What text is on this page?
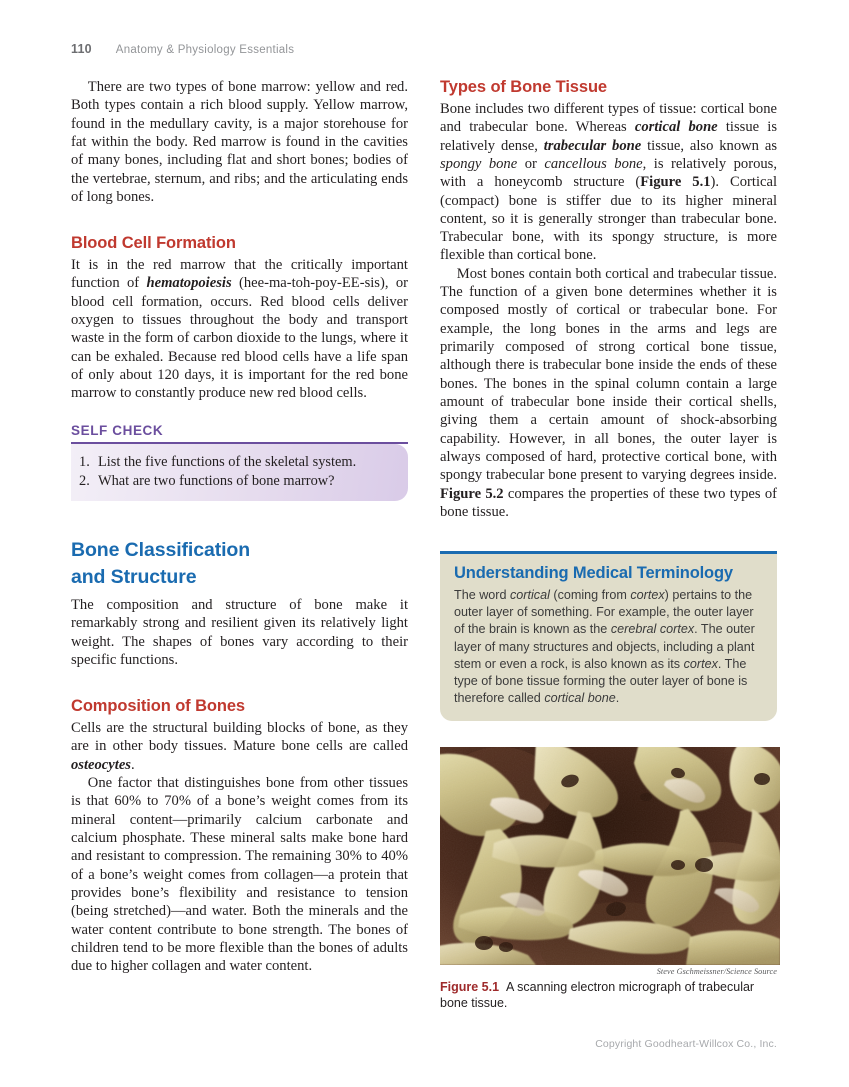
110 Anatomy & Physiology Essentials

There are two types of bone marrow: yellow and red. Both types contain a rich blood supply. Yellow marrow, found in the medullary cavity, is a major storehouse for fat within the body. Red marrow is found in the cavities of many bones, including flat and short bones; bodies of the vertebrae, sternum, and ribs; and the articulating ends of long bones.

Blood Cell Formation

It is in the red marrow that the critically important function of hematopoiesis (hee-ma-toh-poy-EE-sis), or blood cell formation, occurs. Red blood cells deliver oxygen to tissues throughout the body and transport waste in the form of carbon dioxide to the lungs, where it can be exhaled. Because red blood cells have a life span of only about 120 days, it is important for the red bone marrow to constantly produce new red blood cells.

SELF CHECK
1. List the five functions of the skeletal system.
2. What are two functions of bone marrow?
Bone Classification
and Structure

The composition and structure of bone make it remarkably strong and resilient given its relatively light weight. The shapes of bones vary according to their specific functions.

Composition of Bones

Cells are the structural building blocks of bone, as they are in other body tissues. Mature bone cells are called osteocytes.

One factor that distinguishes bone from other tissues is that 60% to 70% of a bone’s weight comes from its mineral content—primarily calcium carbonate and calcium phosphate. These mineral salts make bone hard and resistant to compression. The remaining 30% to 40% of a bone’s weight comes from collagen—a protein that provides bone’s flexibility and resistance to tension (being stretched)—and water. Both the minerals and the water content contribute to bone strength. The bones of children tend to be more flexible than the bones of adults due to higher collagen and water content.

Types of Bone Tissue

Bone includes two different types of tissue: cortical bone and trabecular bone. Whereas cortical bone tissue is relatively dense, trabecular bone tissue, also known as spongy bone or cancellous bone, is relatively porous, with a honeycomb structure (Figure 5.1). Cortical (compact) bone is stiffer due to its higher mineral content, so it is generally stronger than trabecular bone. Trabecular bone, with its spongy structure, is more flexible than cortical bone.

Most bones contain both cortical and trabecular tissue. The function of a given bone determines whether it is composed mostly of cortical or trabecular bone. For example, the long bones in the arms and legs are primarily composed of strong cortical bone tissue, although there is trabecular bone inside the ends of these bones. The bones in the spinal column contain a large amount of trabecular bone inside their cortical shells, giving them a certain amount of shock-absorbing capability. However, in all bones, the outer layer is always composed of hard, protective cortical bone, with spongy trabecular bone present to varying degrees inside. Figure 5.2 compares the properties of these two types of bone tissue.

Understanding Medical Terminology
The word cortical (coming from cortex) pertains to the outer layer of something. For example, the outer layer of the brain is known as the cerebral cortex. The outer layer of many structures and objects, including a plant stem or even a rock, is also known as its cortex. The type of bone tissue forming the outer layer of bone is therefore called cortical bone.
Steve Gschmeissner/Science Source
Figure 5.1 A scanning electron micrograph of trabecular bone tissue.
Copyright Goodheart-Willcox Co., Inc.
